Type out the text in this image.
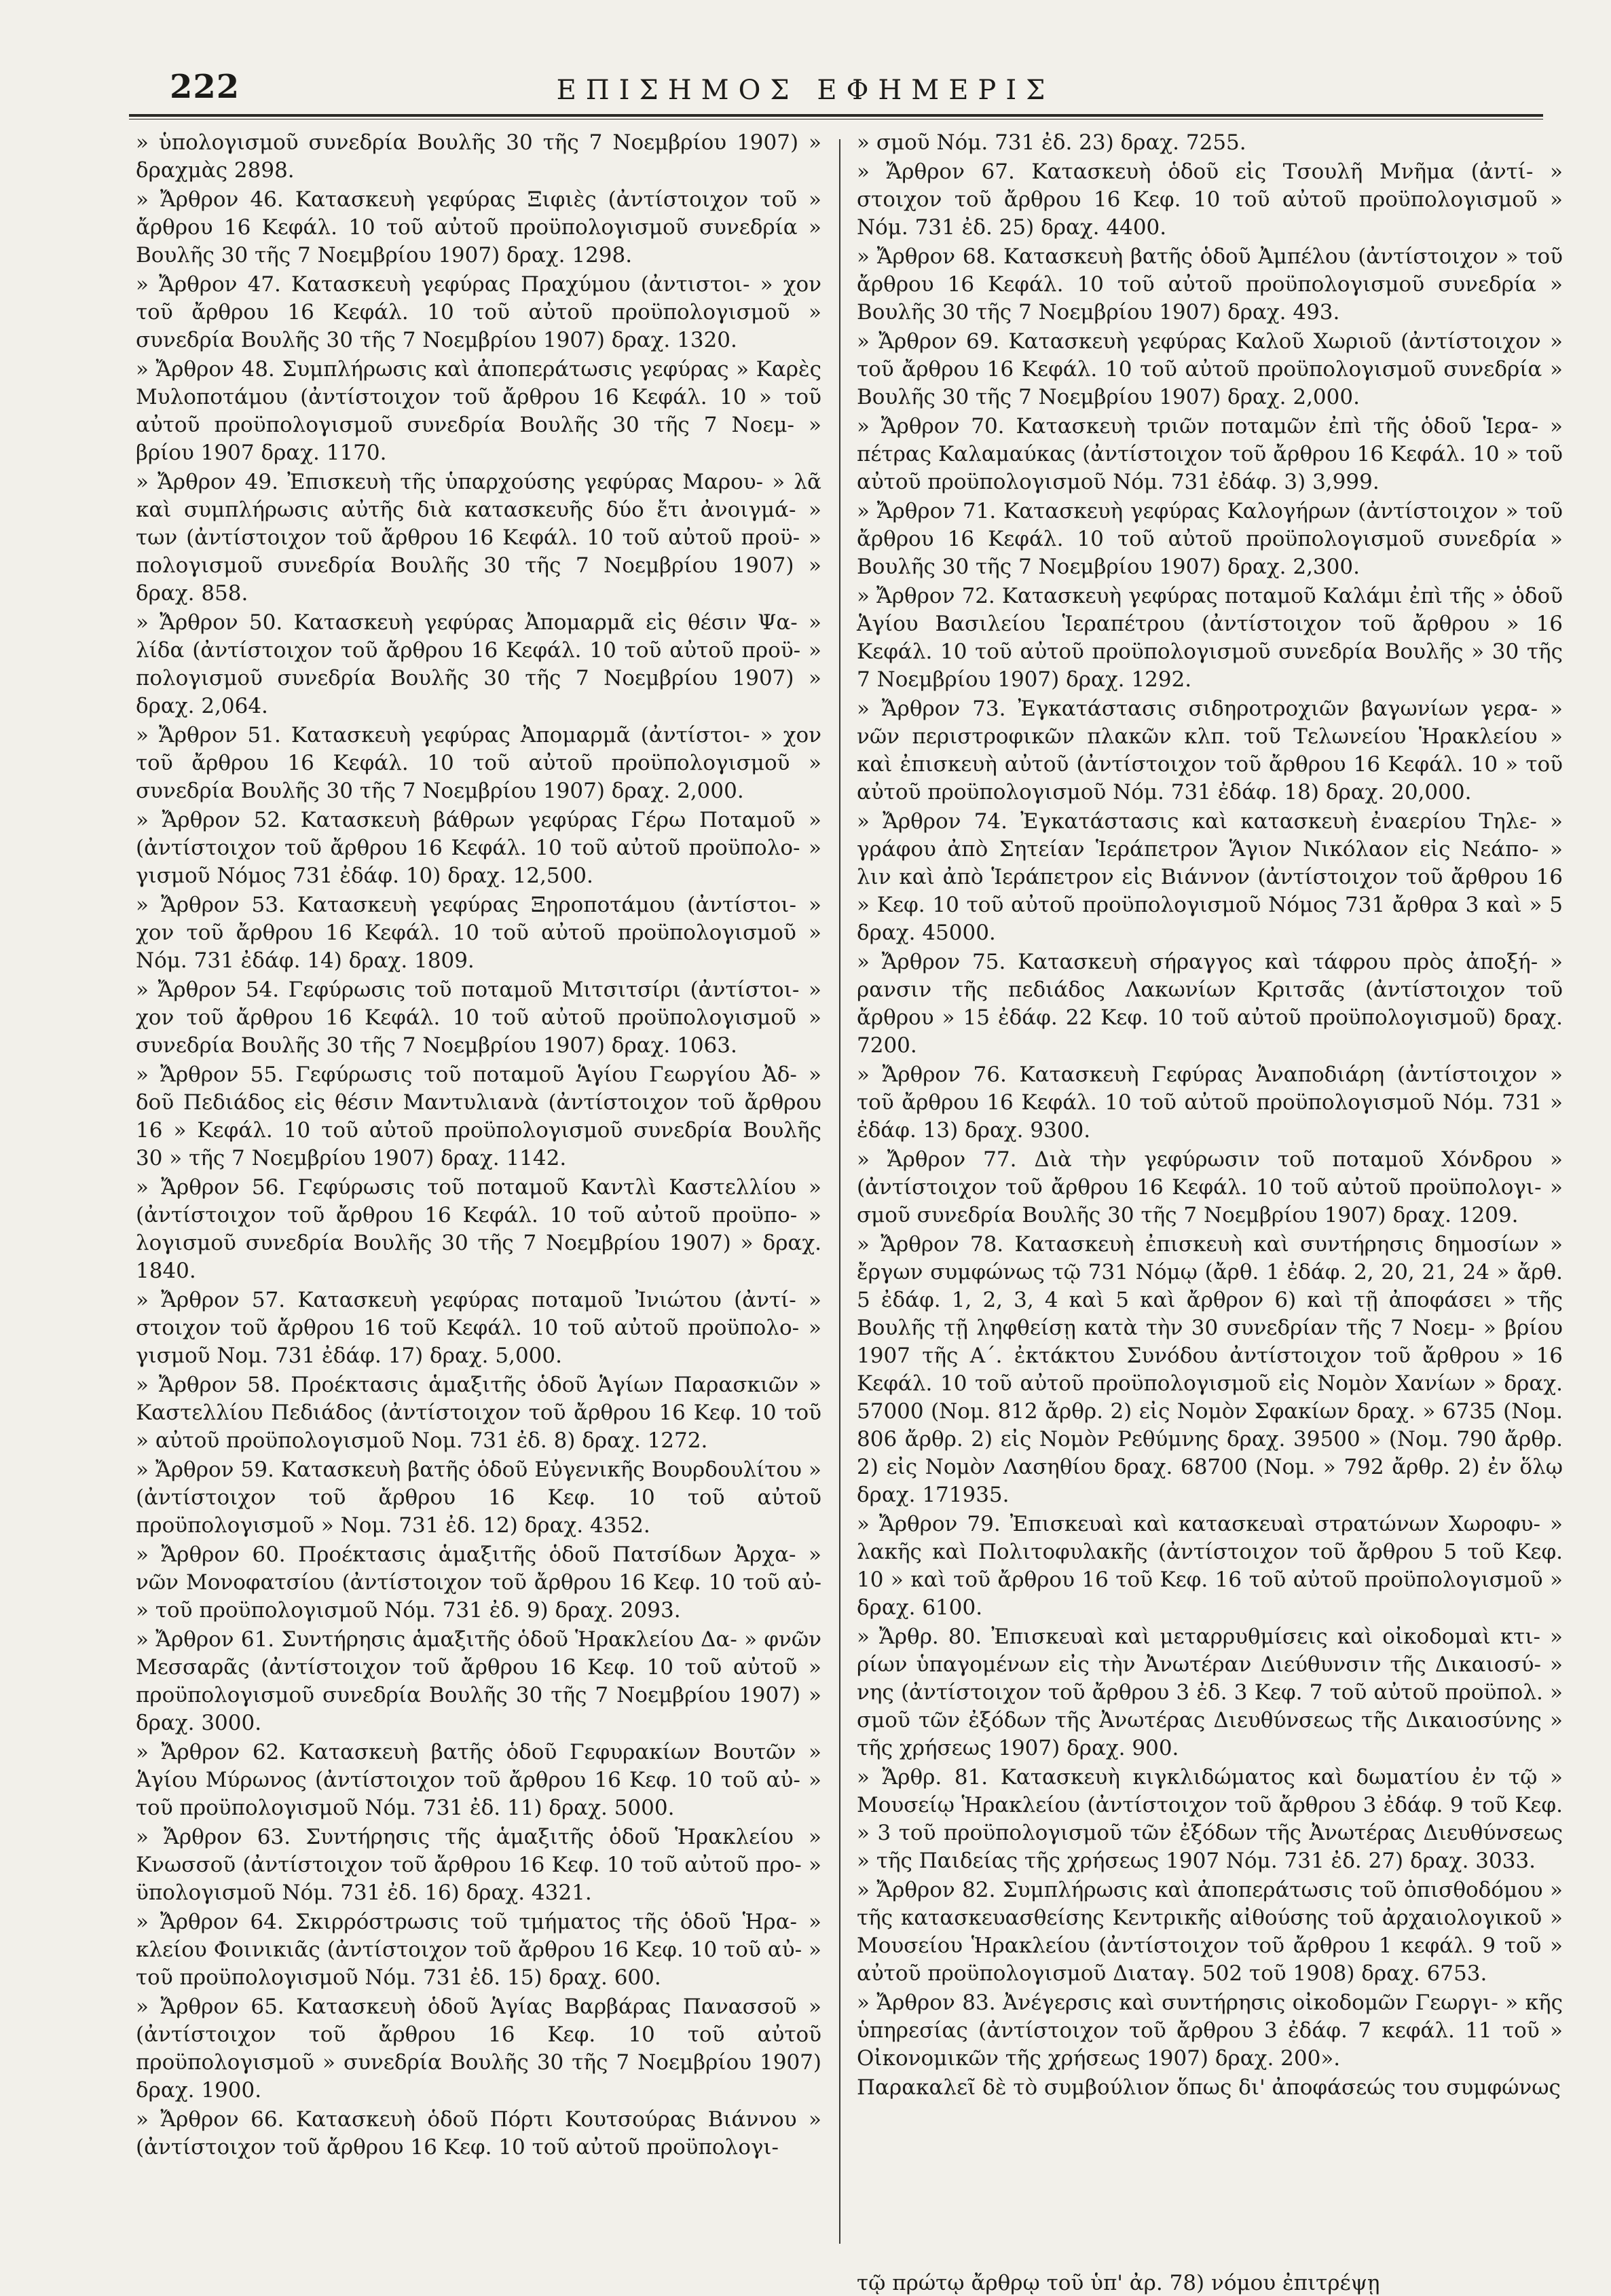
222	ΕΠΙΣΗΜΟΣ ΕΦΗΜΕΡΙΣ

» ὑπολογισμοῦ συνεδρία Βουλῆς 30 τῆς 7 Νοεμβρίου 1907) » δραχμὰς 2898.

» Ἄρθρον 46. Κατασκευὴ γεφύρας Ξιφιὲς (ἀντίστοιχον τοῦ » ἄρθρου 16 Κεφάλ. 10 τοῦ αὐτοῦ προϋπολογισμοῦ συνεδρία » Βουλῆς 30 τῆς 7 Νοεμβρίου 1907) δραχ. 1298.

» Ἄρθρον 47. Κατασκευὴ γεφύρας Πραχύμου (ἀντιστοι- » χον τοῦ ἄρθρου 16 Κεφάλ. 10 τοῦ αὐτοῦ προϋπολογισμοῦ » συνεδρία Βουλῆς 30 τῆς 7 Νοεμβρίου 1907) δραχ. 1320.

» Ἄρθρον 48. Συμπλήρωσις καὶ ἀποπεράτωσις γεφύρας » Καρὲς Μυλοποτάμου (ἀντίστοιχον τοῦ ἄρθρου 16 Κεφάλ. 10 » τοῦ αὐτοῦ προϋπολογισμοῦ συνεδρία Βουλῆς 30 τῆς 7 Νοεμ- » βρίου 1907 δραχ. 1170.

» Ἄρθρον 49. Ἐπισκευὴ τῆς ὑπαρχούσης γεφύρας Μαρου- » λᾶ καὶ συμπλήρωσις αὐτῆς διὰ κατασκευῆς δύο ἔτι ἀνοιγμά- » των (ἀντίστοιχον τοῦ ἄρθρου 16 Κεφάλ. 10 τοῦ αὐτοῦ προϋ- » πολογισμοῦ συνεδρία Βουλῆς 30 τῆς 7 Νοεμβρίου 1907) » δραχ. 858.

» Ἄρθρον 50. Κατασκευὴ γεφύρας Ἀπομαρμᾶ εἰς θέσιν Ψα- » λίδα (ἀντίστοιχον τοῦ ἄρθρου 16 Κεφάλ. 10 τοῦ αὐτοῦ προϋ- » πολογισμοῦ συνεδρία Βουλῆς 30 τῆς 7 Νοεμβρίου 1907) » δραχ. 2,064.

» Ἄρθρον 51. Κατασκευὴ γεφύρας Ἀπομαρμᾶ (ἀντίστοι- » χον τοῦ ἄρθρου 16 Κεφάλ. 10 τοῦ αὐτοῦ προϋπολογισμοῦ » συνεδρία Βουλῆς 30 τῆς 7 Νοεμβρίου 1907) δραχ. 2,000.

» Ἄρθρον 52. Κατασκευὴ βάθρων γεφύρας Γέρω Ποταμοῦ » (ἀντίστοιχον τοῦ ἄρθρου 16 Κεφάλ. 10 τοῦ αὐτοῦ προϋπολο- » γισμοῦ Νόμος 731 ἐδάφ. 10) δραχ. 12,500.

» Ἄρθρον 53. Κατασκευὴ γεφύρας Ξηροποτάμου (ἀντίστοι- » χον τοῦ ἄρθρου 16 Κεφάλ. 10 τοῦ αὐτοῦ προϋπολογισμοῦ » Νόμ. 731 ἐδάφ. 14) δραχ. 1809.

» Ἄρθρον 54. Γεφύρωσις τοῦ ποταμοῦ Μιτσιτσίρι (ἀντίστοι- » χον τοῦ ἄρθρου 16 Κεφάλ. 10 τοῦ αὐτοῦ προϋπολογισμοῦ » συνεδρία Βουλῆς 30 τῆς 7 Νοεμβρίου 1907) δραχ. 1063.

» Ἄρθρον 55. Γεφύρωσις τοῦ ποταμοῦ Ἁγίου Γεωργίου Ἀδ- » δοῦ Πεδιάδος εἰς θέσιν Μαντυλιανὰ (ἀντίστοιχον τοῦ ἄρθρου 16 » Κεφάλ. 10 τοῦ αὐτοῦ προϋπολογισμοῦ συνεδρία Βουλῆς 30 » τῆς 7 Νοεμβρίου 1907) δραχ. 1142.

» Ἄρθρον 56. Γεφύρωσις τοῦ ποταμοῦ Καντλὶ Καστελλίου » (ἀντίστοιχον τοῦ ἄρθρου 16 Κεφάλ. 10 τοῦ αὐτοῦ προϋπο- » λογισμοῦ συνεδρία Βουλῆς 30 τῆς 7 Νοεμβρίου 1907) » δραχ. 1840.

» Ἄρθρον 57. Κατασκευὴ γεφύρας ποταμοῦ Ἰνιώτου (ἀντί- » στοιχον τοῦ ἄρθρου 16 τοῦ Κεφάλ. 10 τοῦ αὐτοῦ προϋπολο- » γισμοῦ Νομ. 731 ἐδάφ. 17) δραχ. 5,000.

» Ἄρθρον 58. Προέκτασις ἁμαξιτῆς ὁδοῦ Ἁγίων Παρασκιῶν » Καστελλίου Πεδιάδος (ἀντίστοιχον τοῦ ἄρθρου 16 Κεφ. 10 τοῦ » αὐτοῦ προϋπολογισμοῦ Νομ. 731 ἐδ. 8) δραχ. 1272.

» Ἄρθρον 59. Κατασκευὴ βατῆς ὁδοῦ Εὐγενικῆς Βουρδουλίτου » (ἀντίστοιχον τοῦ ἄρθρου 16 Κεφ. 10 τοῦ αὐτοῦ προϋπολογισμοῦ » Νομ. 731 ἐδ. 12) δραχ. 4352.

» Ἄρθρον 60. Προέκτασις ἁμαξιτῆς ὁδοῦ Πατσίδων Ἀρχα- » νῶν Μονοφατσίου (ἀντίστοιχον τοῦ ἄρθρου 16 Κεφ. 10 τοῦ αὐ- » τοῦ προϋπολογισμοῦ Νόμ. 731 ἐδ. 9) δραχ. 2093.

» Ἄρθρον 61. Συντήρησις ἁμαξιτῆς ὁδοῦ Ἡρακλείου Δα- » φνῶν Μεσσαρᾶς (ἀντίστοιχον τοῦ ἄρθρου 16 Κεφ. 10 τοῦ αὐτοῦ » προϋπολογισμοῦ συνεδρία Βουλῆς 30 τῆς 7 Νοεμβρίου 1907) » δραχ. 3000.

» Ἄρθρον 62. Κατασκευὴ βατῆς ὁδοῦ Γεφυρακίων Βουτῶν » Ἁγίου Μύρωνος (ἀντίστοιχον τοῦ ἄρθρου 16 Κεφ. 10 τοῦ αὐ- » τοῦ προϋπολογισμοῦ Νόμ. 731 ἐδ. 11) δραχ. 5000.

» Ἄρθρον 63. Συντήρησις τῆς ἁμαξιτῆς ὁδοῦ Ἡρακλείου » Κνωσσοῦ (ἀντίστοιχον τοῦ ἄρθρου 16 Κεφ. 10 τοῦ αὐτοῦ προ- » ϋπολογισμοῦ Νόμ. 731 ἐδ. 16) δραχ. 4321.

» Ἄρθρον 64. Σκιρρόστρωσις τοῦ τμήματος τῆς ὁδοῦ Ἡρα- » κλείου Φοινικιᾶς (ἀντίστοιχον τοῦ ἄρθρου 16 Κεφ. 10 τοῦ αὐ- » τοῦ προϋπολογισμοῦ Νόμ. 731 ἐδ. 15) δραχ. 600.

» Ἄρθρον 65. Κατασκευὴ ὁδοῦ Ἁγίας Βαρβάρας Πανασσοῦ » (ἀντίστοιχον τοῦ ἄρθρου 16 Κεφ. 10 τοῦ αὐτοῦ προϋπολογισμοῦ » συνεδρία Βουλῆς 30 τῆς 7 Νοεμβρίου 1907) δραχ. 1900.

» Ἄρθρον 66. Κατασκευὴ ὁδοῦ Πόρτι Κουτσούρας Βιάννου » (ἀντίστοιχον τοῦ ἄρθρου 16 Κεφ. 10 τοῦ αὐτοῦ προϋπολογι-

» σμοῦ Νόμ. 731 ἐδ. 23) δραχ. 7255.

» Ἄρθρον 67. Κατασκευὴ ὁδοῦ εἰς Τσουλῆ Μνῆμα (ἀντί- » στοιχον τοῦ ἄρθρου 16 Κεφ. 10 τοῦ αὐτοῦ προϋπολογισμοῦ » Νόμ. 731 ἐδ. 25) δραχ. 4400.

» Ἄρθρον 68. Κατασκευὴ βατῆς ὁδοῦ Ἀμπέλου (ἀντίστοιχον » τοῦ ἄρθρου 16 Κεφάλ. 10 τοῦ αὐτοῦ προϋπολογισμοῦ συνεδρία » Βουλῆς 30 τῆς 7 Νοεμβρίου 1907) δραχ. 493.

» Ἄρθρον 69. Κατασκευὴ γεφύρας Καλοῦ Χωριοῦ (ἀντίστοιχον » τοῦ ἄρθρου 16 Κεφάλ. 10 τοῦ αὐτοῦ προϋπολογισμοῦ συνεδρία » Βουλῆς 30 τῆς 7 Νοεμβρίου 1907) δραχ. 2,000.

» Ἄρθρον 70. Κατασκευὴ τριῶν ποταμῶν ἐπὶ τῆς ὁδοῦ Ἱερα- » πέτρας Καλαμαύκας (ἀντίστοιχον τοῦ ἄρθρου 16 Κεφάλ. 10 » τοῦ αὐτοῦ προϋπολογισμοῦ Νόμ. 731 ἐδάφ. 3) 3,999.

» Ἄρθρον 71. Κατασκευὴ γεφύρας Καλογήρων (ἀντίστοιχον » τοῦ ἄρθρου 16 Κεφάλ. 10 τοῦ αὐτοῦ προϋπολογισμοῦ συνεδρία » Βουλῆς 30 τῆς 7 Νοεμβρίου 1907) δραχ. 2,300.

» Ἄρθρον 72. Κατασκευὴ γεφύρας ποταμοῦ Καλάμι ἐπὶ τῆς » ὁδοῦ Ἁγίου Βασιλείου Ἱεραπέτρου (ἀντίστοιχον τοῦ ἄρθρου » 16 Κεφάλ. 10 τοῦ αὐτοῦ προϋπολογισμοῦ συνεδρία Βουλῆς » 30 τῆς 7 Νοεμβρίου 1907) δραχ. 1292.

» Ἄρθρον 73. Ἐγκατάστασις σιδηροτροχιῶν βαγωνίων γερα- » νῶν περιστροφικῶν πλακῶν κλπ. τοῦ Τελωνείου Ἡρακλείου » καὶ ἐπισκευὴ αὐτοῦ (ἀντίστοιχον τοῦ ἄρθρου 16 Κεφάλ. 10 » τοῦ αὐτοῦ προϋπολογισμοῦ Νόμ. 731 ἐδάφ. 18) δραχ. 20,000.

» Ἄρθρον 74. Ἐγκατάστασις καὶ κατασκευὴ ἐναερίου Τηλε- » γράφου ἀπὸ Σητείαν Ἱεράπετρον Ἅγιον Νικόλαον εἰς Νεάπο- » λιν καὶ ἀπὸ Ἱεράπετρον εἰς Βιάννον (ἀντίστοιχον τοῦ ἄρθρου 16 » Κεφ. 10 τοῦ αὐτοῦ προϋπολογισμοῦ Νόμος 731 ἄρθρα 3 καὶ » 5 δραχ. 45000.

» Ἄρθρον 75. Κατασκευὴ σήραγγος καὶ τάφρου πρὸς ἀποξή- » ρανσιν τῆς πεδιάδος Λακωνίων Κριτσᾶς (ἀντίστοιχον τοῦ ἄρθρου » 15 ἐδάφ. 22 Κεφ. 10 τοῦ αὐτοῦ προϋπολογισμοῦ) δραχ. 7200.

» Ἄρθρον 76. Κατασκευὴ Γεφύρας Ἀναποδιάρη (ἀντίστοιχον » τοῦ ἄρθρου 16 Κεφάλ. 10 τοῦ αὐτοῦ προϋπολογισμοῦ Νόμ. 731 » ἐδάφ. 13) δραχ. 9300.

» Ἄρθρον 77. Διὰ τὴν γεφύρωσιν τοῦ ποταμοῦ Χόνδρου » (ἀντίστοιχον τοῦ ἄρθρου 16 Κεφάλ. 10 τοῦ αὐτοῦ προϋπολογι- » σμοῦ συνεδρία Βουλῆς 30 τῆς 7 Νοεμβρίου 1907) δραχ. 1209.

» Ἄρθρον 78. Κατασκευὴ ἐπισκευὴ καὶ συντήρησις δημοσίων » ἔργων συμφώνως τῷ 731 Νόμῳ (ἄρθ. 1 ἐδάφ. 2, 20, 21, 24 » ἄρθ. 5 ἐδάφ. 1, 2, 3, 4 καὶ 5 καὶ ἄρθρον 6) καὶ τῇ ἀποφάσει » τῆς Βουλῆς τῇ ληφθείσῃ κατὰ τὴν 30 συνεδρίαν τῆς 7 Νοεμ- » βρίου 1907 τῆς Α΄. ἐκτάκτου Συνόδου ἀντίστοιχον τοῦ ἄρθρου » 16 Κεφάλ. 10 τοῦ αὐτοῦ προϋπολογισμοῦ εἰς Νομὸν Χανίων » δραχ. 57000 (Νομ. 812 ἄρθρ. 2) εἰς Νομὸν Σφακίων δραχ. » 6735 (Νομ. 806 ἄρθρ. 2) εἰς Νομὸν Ρεθύμνης δραχ. 39500 » (Νομ. 790 ἄρθρ. 2) εἰς Νομὸν Λασηθίου δραχ. 68700 (Νομ. » 792 ἄρθρ. 2) ἐν ὅλῳ δραχ. 171935.

» Ἄρθρον 79. Ἐπισκευαὶ καὶ κατασκευαὶ στρατώνων Χωροφυ- » λακῆς καὶ Πολιτοφυλακῆς (ἀντίστοιχον τοῦ ἄρθρου 5 τοῦ Κεφ. 10 » καὶ τοῦ ἄρθρου 16 τοῦ Κεφ. 16 τοῦ αὐτοῦ προϋπολογισμοῦ » δραχ. 6100.

» Ἄρθρ. 80. Ἐπισκευαὶ καὶ μεταρρυθμίσεις καὶ οἰκοδομαὶ κτι- » ρίων ὑπαγομένων εἰς τὴν Ἀνωτέραν Διεύθυνσιν τῆς Δικαιοσύ- » νης (ἀντίστοιχον τοῦ ἄρθρου 3 ἐδ. 3 Κεφ. 7 τοῦ αὐτοῦ προϋπολ. » σμοῦ τῶν ἐξόδων τῆς Ἀνωτέρας Διευθύνσεως τῆς Δικαιοσύνης » τῆς χρήσεως 1907) δραχ. 900.

» Ἄρθρ. 81. Κατασκευὴ κιγκλιδώματος καὶ δωματίου ἐν τῷ » Μουσείῳ Ἡρακλείου (ἀντίστοιχον τοῦ ἄρθρου 3 ἐδάφ. 9 τοῦ Κεφ. » 3 τοῦ προϋπολογισμοῦ τῶν ἐξόδων τῆς Ἀνωτέρας Διευθύνσεως » τῆς Παιδείας τῆς χρήσεως 1907 Νόμ. 731 ἐδ. 27) δραχ. 3033.

» Ἄρθρον 82. Συμπλήρωσις καὶ ἀποπεράτωσις τοῦ ὀπισθοδόμου » τῆς κατασκευασθείσης Κεντρικῆς αἰθούσης τοῦ ἀρχαιολογικοῦ » Μουσείου Ἡρακλείου (ἀντίστοιχον τοῦ ἄρθρου 1 κεφάλ. 9 τοῦ » αὐτοῦ προϋπολογισμοῦ Διαταγ. 502 τοῦ 1908) δραχ. 6753.

» Ἄρθρον 83. Ἀνέγερσις καὶ συντήρησις οἰκοδομῶν Γεωργι- » κῆς ὑπηρεσίας (ἀντίστοιχον τοῦ ἄρθρου 3 ἐδάφ. 7 κεφάλ. 11 τοῦ » Οἰκονομικῶν τῆς χρήσεως 1907) δραχ. 200».

Παρακαλεῖ δὲ τὸ συμβούλιον ὅπως δι' ἀποφάσεώς του συμφώνως

τῷ πρώτῳ ἄρθρῳ τοῦ ὑπ' ἀρ. 78) νόμου ἐπιτρέψῃ
